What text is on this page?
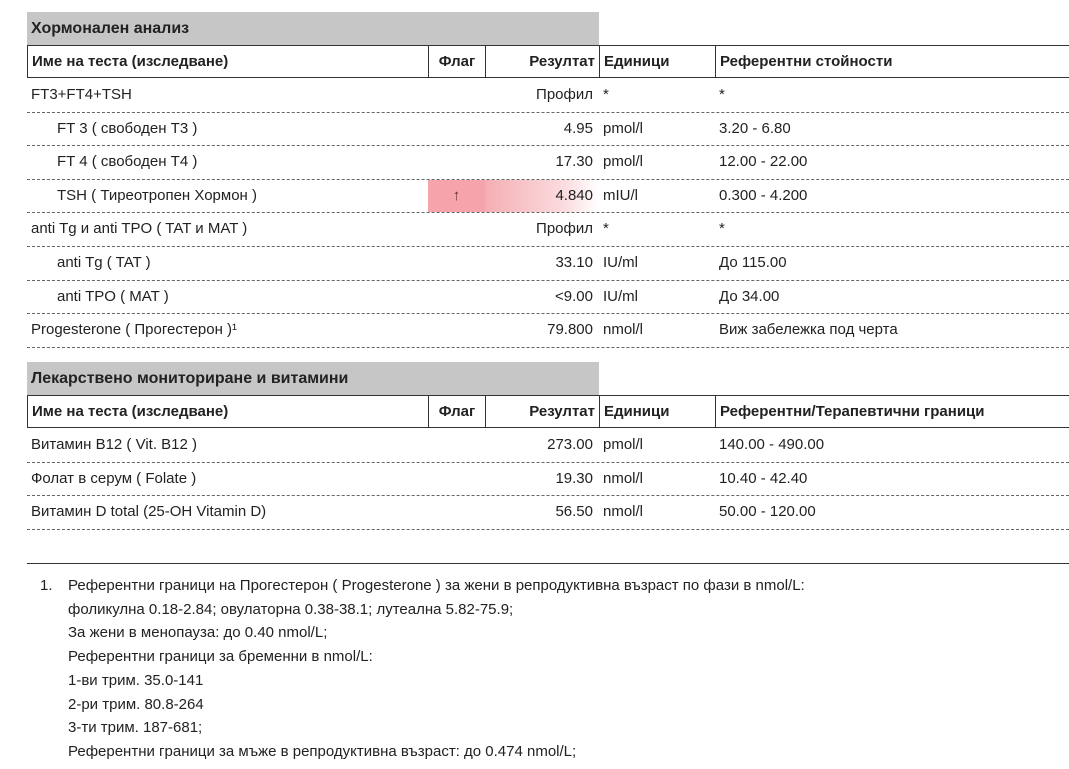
Хормонален анализ
Име на теста (изследване)	Флаг	Резултат Единици	Референтни стойности
FT3+FT4+TSH	Профил *	*
FT 3 ( свободен T3 )	4.95 pmol/l	3.20 - 6.80
FT 4 ( свободен T4 )	17.30 pmol/l	12.00 - 22.00
TSH ( Тиреотропен Хормон )	↑	4.840 mIU/l	0.300 - 4.200
anti Tg и anti TPO ( TAT и MAT )	Профил *	*
anti Tg ( TAT )	33.10 IU/ml	До 115.00
anti TPO ( MAT )	<9.00 IU/ml	До 34.00
Progesterone ( Прогестерон )¹	79.800 nmol/l	Виж забележка под черта
Лекарствено мониториране и витамини
Име на теста (изследване)	Флаг	Резултат Единици	Референтни/Терапевтични граници
Витамин B12 ( Vit. B12 )	273.00 pmol/l	140.00 - 490.00
Фолат в серум ( Folate )	19.30 nmol/l	10.40 - 42.40
Витамин D total (25-OH Vitamin D)	56.50 nmol/l	50.00 - 120.00
1. Референтни граници на Прогестерон ( Progesterone ) за жени в репродуктивна възраст по фази в nmol/L:
фоликулна 0.18-2.84; овулаторна 0.38-38.1; лутеална 5.82-75.9;
За жени в менопауза: до 0.40 nmol/L;
Референтни граници за бременни в nmol/L:
1-ви трим. 35.0-141
2-ри трим. 80.8-264
3-ти трим. 187-681;
Референтни граници за мъже в репродуктивна възраст: до 0.474 nmol/L;
